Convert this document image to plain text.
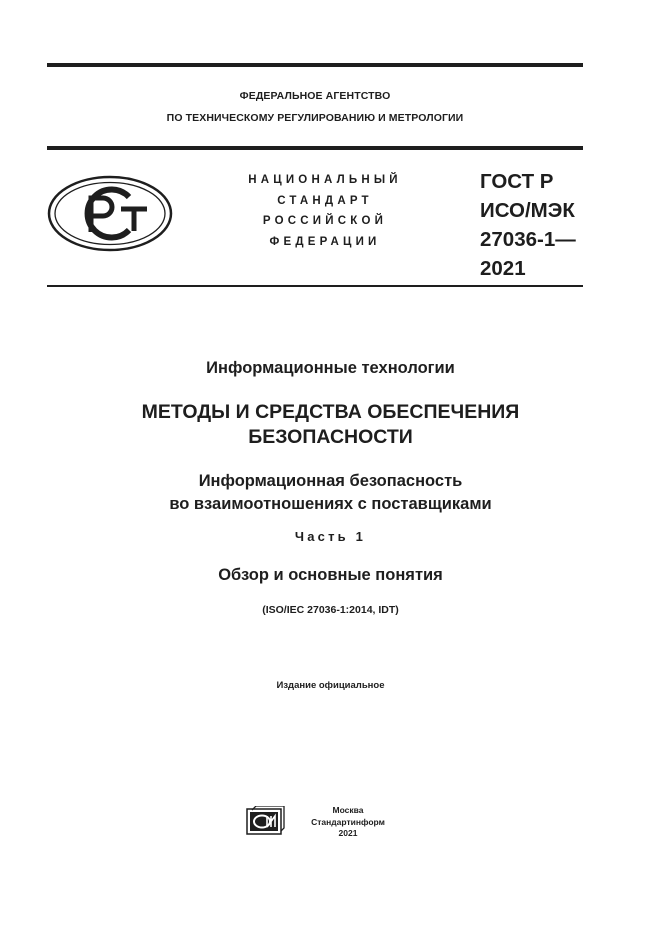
ФЕДЕРАЛЬНОЕ АГЕНТСТВО
ПО ТЕХНИЧЕСКОМУ РЕГУЛИРОВАНИЮ И МЕТРОЛОГИИ
НАЦИОНАЛЬНЫЙ
СТАНДАРТ
РОССИЙСКОЙ
ФЕДЕРАЦИИ
ГОСТ Р
ИСО/МЭК
27036-1—
2021
Информационные технологии
МЕТОДЫ И СРЕДСТВА ОБЕСПЕЧЕНИЯ
БЕЗОПАСНОСТИ
Информационная безопасность
во взаимоотношениях с поставщиками
Часть 1
Обзор и основные понятия
(ISO/IEC 27036-1:2014, IDT)
Издание официальное
Москва
Стандартинформ
2021
